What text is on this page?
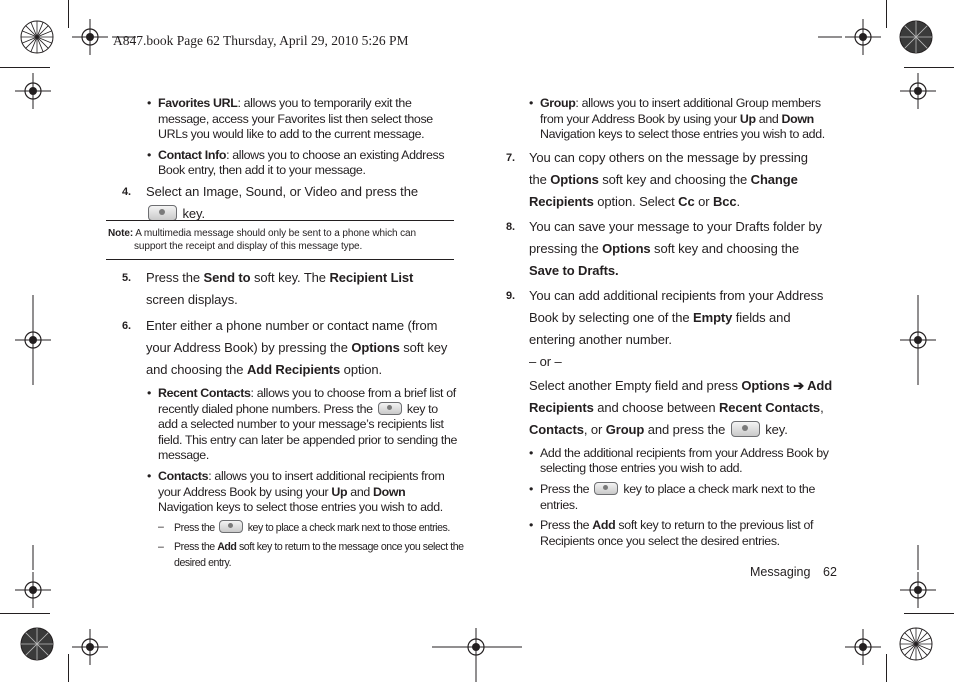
A847.book Page 62 Thursday, April 29, 2010 5:26 PM
• Favorites URL: allows you to temporarily exit the message, access your Favorites list then select those URLs you would like to add to the current message.
• Contact Info: allows you to choose an existing Address Book entry, then add it to your message.
4. Select an Image, Sound, or Video and press the  key.
Note: A multimedia message should only be sent to a phone which can
support the receipt and display of this message type.
5. Press the Send to soft key. The Recipient List screen displays.
6. Enter either a phone number or contact name (from your Address Book) by pressing the Options soft key and choosing the Add Recipients option.
• Recent Contacts: allows you to choose from a brief list of recently dialed phone numbers. Press the	key to add a selected number to your message’s recipients list field. This entry can later be appended prior to sending the message.
• Contacts: allows you to insert additional recipients from your Address Book by using your Up and Down Navigation keys to select those entries you wish to add.
– Press the	key to place a check mark next to those entries.
– Press the Add soft key to return to the message once you select the desired entry.
• Group: allows you to insert additional Group members from your Address Book by using your Up and Down Navigation keys to select those entries you wish to add.
7. You can copy others on the message by pressing the Options soft key and choosing the Change Recipients option. Select Cc or Bcc.
8. You can save your message to your Drafts folder by pressing the Options soft key and choosing the Save to Drafts.
9. You can add additional recipients from your Address Book by selecting one of the Empty fields and entering another number.
– or –
Select another Empty field and press Options ➔ Add Recipients and choose between Recent Contacts, Contacts, or Group and press the	key.
• Add the additional recipients from your Address Book by selecting those entries you wish to add.
• Press the	key to place a check mark next to the entries.
• Press the Add soft key to return to the previous list of Recipients once you select the desired entries.
Messaging 62
